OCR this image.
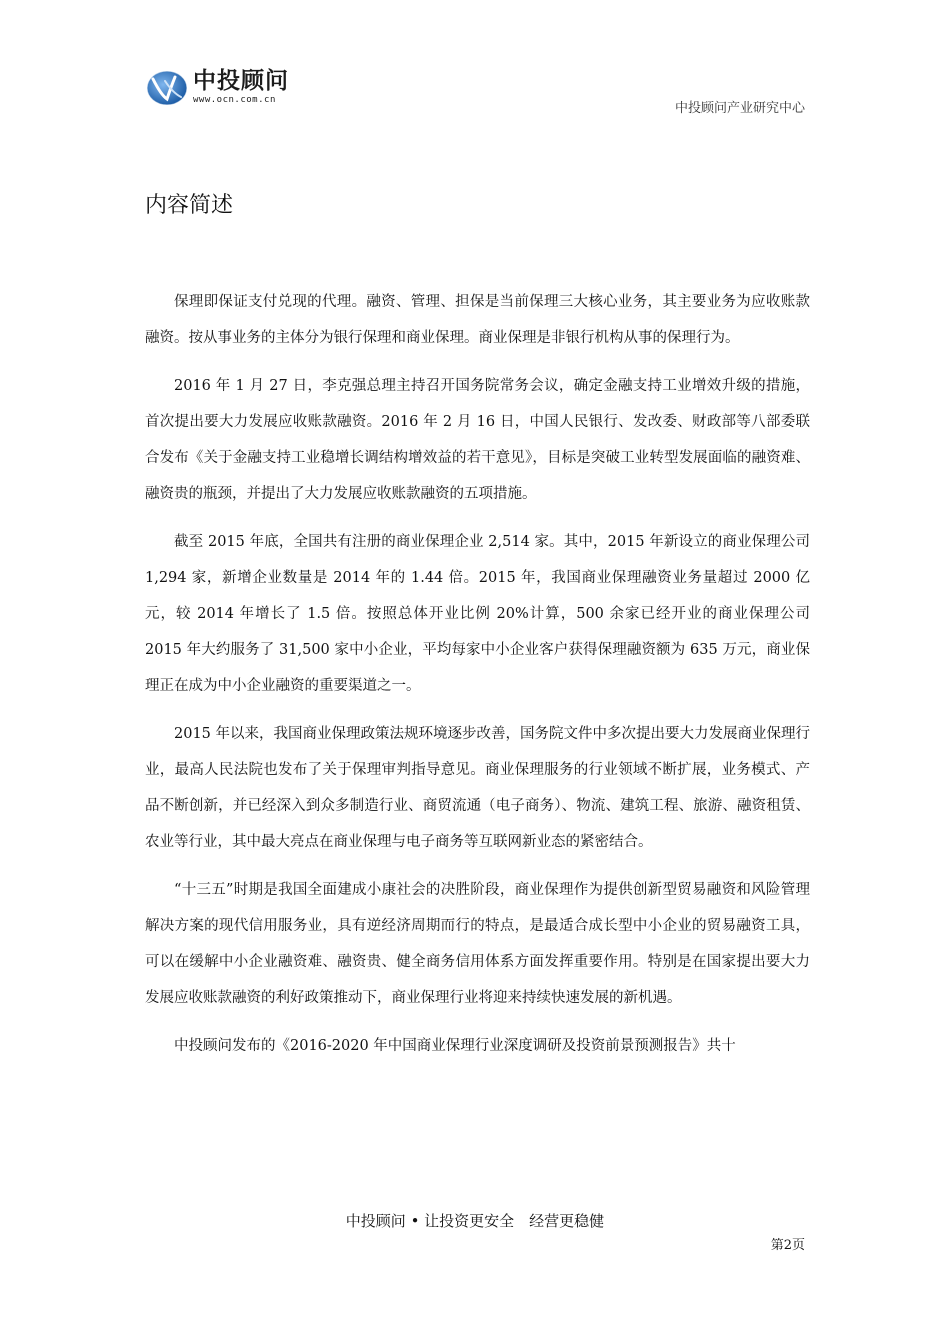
中投顾问
www.ocn.com.cn
中投顾问产业研究中心
内容简述

保理即保证支付兑现的代理。融资、管理、担保是当前保理三大核心业务，其主要业务为应收账款融资。按从事业务的主体分为银行保理和商业保理。商业保理是非银行机构从事的保理行为。

2016 年 1 月 27 日，李克强总理主持召开国务院常务会议，确定金融支持工业增效升级的措施，首次提出要大力发展应收账款融资。2016 年 2 月 16 日，中国人民银行、发改委、财政部等八部委联合发布《关于金融支持工业稳增长调结构增效益的若干意见》，目标是突破工业转型发展面临的融资难、融资贵的瓶颈，并提出了大力发展应收账款融资的五项措施。

截至 2015 年底，全国共有注册的商业保理企业 2,514 家。其中，2015 年新设立的商业保理公司 1,294 家，新增企业数量是 2014 年的 1.44 倍。2015 年，我国商业保理融资业务量超过 2000 亿元，较 2014 年增长了 1.5 倍。按照总体开业比例 20%计算，500 余家已经开业的商业保理公司 2015 年大约服务了 31,500 家中小企业，平均每家中小企业客户获得保理融资额为 635 万元，商业保理正在成为中小企业融资的重要渠道之一。

2015 年以来，我国商业保理政策法规环境逐步改善，国务院文件中多次提出要大力发展商业保理行业，最高人民法院也发布了关于保理审判指导意见。商业保理服务的行业领域不断扩展，业务模式、产品不断创新，并已经深入到众多制造行业、商贸流通（电子商务）、物流、建筑工程、旅游、融资租赁、农业等行业，其中最大亮点在商业保理与电子商务等互联网新业态的紧密结合。

“十三五”时期是我国全面建成小康社会的决胜阶段，商业保理作为提供创新型贸易融资和风险管理解决方案的现代信用服务业，具有逆经济周期而行的特点，是最适合成长型中小企业的贸易融资工具，可以在缓解中小企业融资难、融资贵、健全商务信用体系方面发挥重要作用。特别是在国家提出要大力发展应收账款融资的利好政策推动下，商业保理行业将迎来持续快速发展的新机遇。

中投顾问发布的《2016-2020 年中国商业保理行业深度调研及投资前景预测报告》共十

中投顾问 • 让投资更安全　经营更稳健
第2页
